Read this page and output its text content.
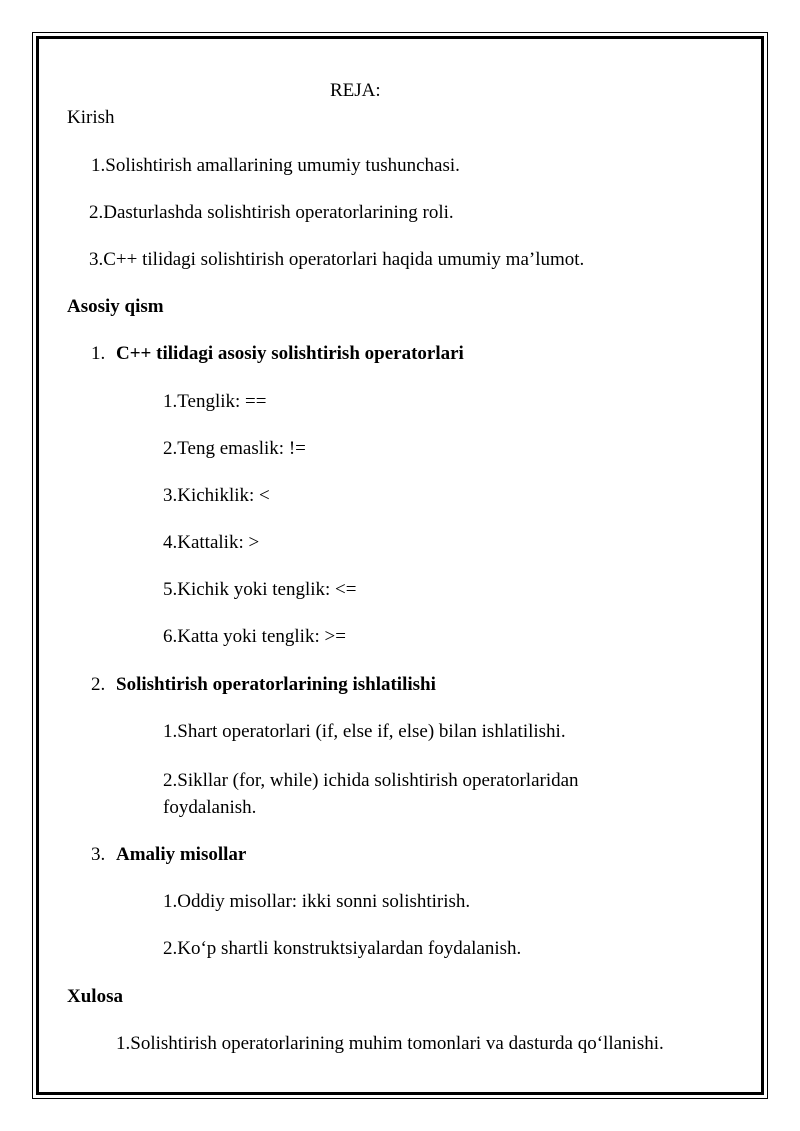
REJA:
Kirish
1.Solishtirish amallarining umumiy tushunchasi.
2.Dasturlashda solishtirish operatorlarining roli.
3.C++ tilidagi solishtirish operatorlari haqida umumiy ma’lumot.
Asosiy qism
1. C++ tilidagi asosiy solishtirish operatorlari
1.Tenglik: ==
2.Teng emaslik: !=
3.Kichiklik: <
4.Kattalik: >
5.Kichik yoki tenglik: <=
6.Katta yoki tenglik: >=
2. Solishtirish operatorlarining ishlatilishi
1.Shart operatorlari (if, else if, else) bilan ishlatilishi.
2.Sikllar (for, while) ichida solishtirish operatorlaridan foydalanish.
3. Amaliy misollar
1.Oddiy misollar: ikki sonni solishtirish.
2.Ko‘p shartli konstruktsiyalardan foydalanish.
Xulosa
1.Solishtirish operatorlarining muhim tomonlari va dasturda qo‘llanishi.
